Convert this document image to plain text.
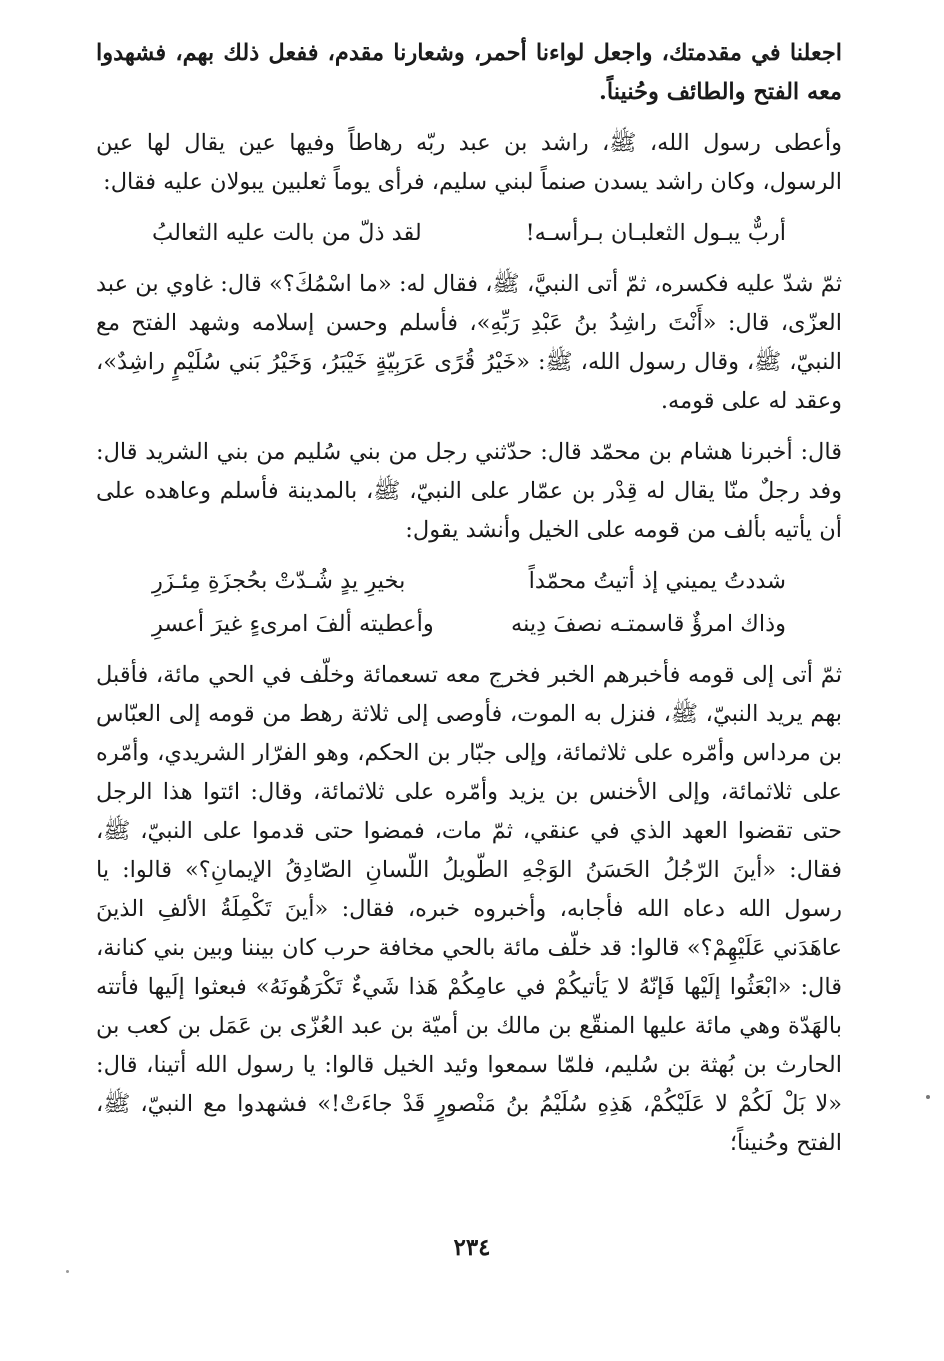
اجعلنا في مقدمتك، واجعل لواءنا أحمر، وشعارنا مقدم، ففعل ذلك بهم، فشهدوا معه الفتح والطائف وحُنيناً.

وأعطى رسول الله، ﷺ، راشد بن عبد ربّه رهاطاً وفيها عين يقال لها عين الرسول، وكان راشد يسدن صنماً لبني سليم، فرأى يوماً ثعلبين يبولان عليه فقال:

أربٌّ يبـول الثعلبـان بـرأسـه!
لقد ذلّ من بالت عليه الثعالبُ

ثمّ شدّ عليه فكسره، ثمّ أتى النبيَّ، ﷺ، فقال له: «ما اسْمُكَ؟» قال: غاوي بن عبد العزّى، قال: «أَنْتَ راشِدُ بنُ عَبْدِ رَبِّهِ»، فأسلم وحسن إسلامه وشهد الفتح مع النبيّ، ﷺ، وقال رسول الله، ﷺ: «خَيْرُ قُرًى عَرَبِيّةٍ خَيْبَرُ، وَخَيْرُ بَني سُلَيْمٍ راشِدٌ»، وعقد له على قومه.

قال: أخبرنا هشام بن محمّد قال: حدّثني رجل من بني سُليم من بني الشريد قال: وفد رجلٌ منّا يقال له قِدْر بن عمّار على النبيّ، ﷺ، بالمدينة فأسلم وعاهده على أن يأتيه بألف من قومه على الخيل وأنشد يقول:

شددتُ يميني إذ أتيتُ محمّداً
بخيرِ يدٍ شُـدّتْ بحُجزَةِ مِئـزَرِ
وذاك امرؤٌ قاسمتـه نصفَ دِينه
وأعطيته ألفَ امرىءٍ غيرَ أعسرِ

ثمّ أتى إلى قومه فأخبرهم الخبر فخرج معه تسعمائة وخلّف في الحي مائة، فأقبل بهم يريد النبيّ، ﷺ، فنزل به الموت، فأوصى إلى ثلاثة رهط من قومه إلى العبّاس بن مرداس وأمّره على ثلاثمائة، وإلى جبّار بن الحكم، وهو الفرّار الشريدي، وأمّره على ثلاثمائة، وإلى الأخنس بن يزيد وأمّره على ثلاثمائة، وقال: ائتوا هذا الرجل حتى تقضوا العهد الذي في عنقي، ثمّ مات، فمضوا حتى قدموا على النبيّ، ﷺ، فقال: «أينَ الرّجُلُ الحَسَنُ الوَجْهِ الطّويلُ اللّسانِ الصّادِقُ الإيمانِ؟» قالوا: يا رسول الله دعاه الله فأجابه، وأخبروه خبره، فقال: «أينَ تَكْمِلَةُ الألفِ الذينَ عاهَدَني عَلَيْهِمْ؟» قالوا: قد خلّف مائة بالحي مخافة حرب كان بيننا وبين بني كنانة، قال: «ابْعَثُوا إلَيْها فَإنّهُ لا يَأتيكُمْ في عامِكُمْ هَذا شَيءٌ تَكْرَهُونَهُ» فبعثوا إلَيها فأتته بالهَدّة وهي مائة عليها المنقّع بن مالك بن أميّة بن عبد العُزّى بن عَمَل بن كعب بن الحارث بن بُهثة بن سُليم، فلمّا سمعوا وئيد الخيل قالوا: يا رسول الله أتينا، قال: «لا بَلْ لَكُمْ لا عَلَيْكُمْ، هَذِهِ سُلَيْمُ بنُ مَنْصورٍ قَدْ جاءَتْ!» فشهدوا مع النبيّ، ﷺ، الفتح وحُنيناً؛

٢٣٤
